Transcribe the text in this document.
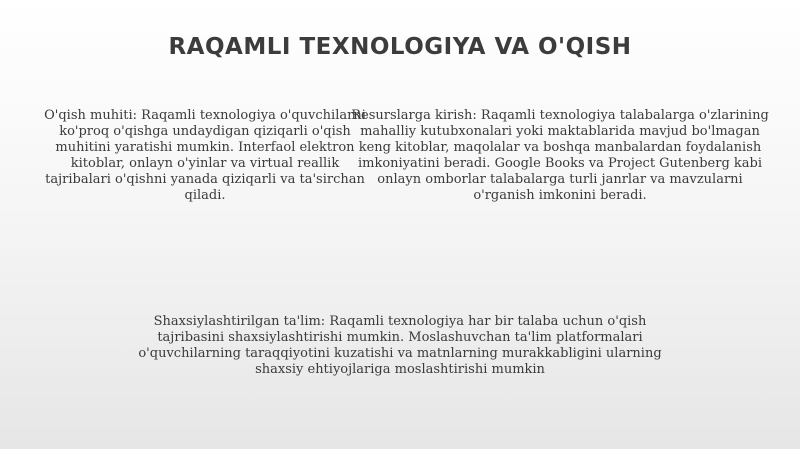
RAQAMLI TEXNOLOGIYA VA O'QISH
O'qish muhiti: Raqamli texnologiya o'quvchilarni ko'proq o'qishga undaydigan qiziqarli o'qish muhitini yaratishi mumkin. Interfaol elektron kitoblar, onlayn o'yinlar va virtual reallik tajribalari o'qishni yanada qiziqarli va ta'sirchan qiladi.
Resurslarga kirish: Raqamli texnologiya talabalarga o'zlarining mahalliy kutubxonalari yoki maktablarida mavjud bo'lmagan keng kitoblar, maqolalar va boshqa manbalardan foydalanish imkoniyatini beradi. Google Books va Project Gutenberg kabi onlayn omborlar talabalarga turli janrlar va mavzularni o'rganish imkonini beradi.
Shaxsiylashtirilgan ta'lim: Raqamli texnologiya har bir talaba uchun o'qish tajribasini shaxsiylashtirishi mumkin. Moslashuvchan ta'lim platformalari o'quvchilarning taraqqiyotini kuzatishi va matnlarning murakkabligini ularning shaxsiy ehtiyojlariga moslashtirishi mumkin
